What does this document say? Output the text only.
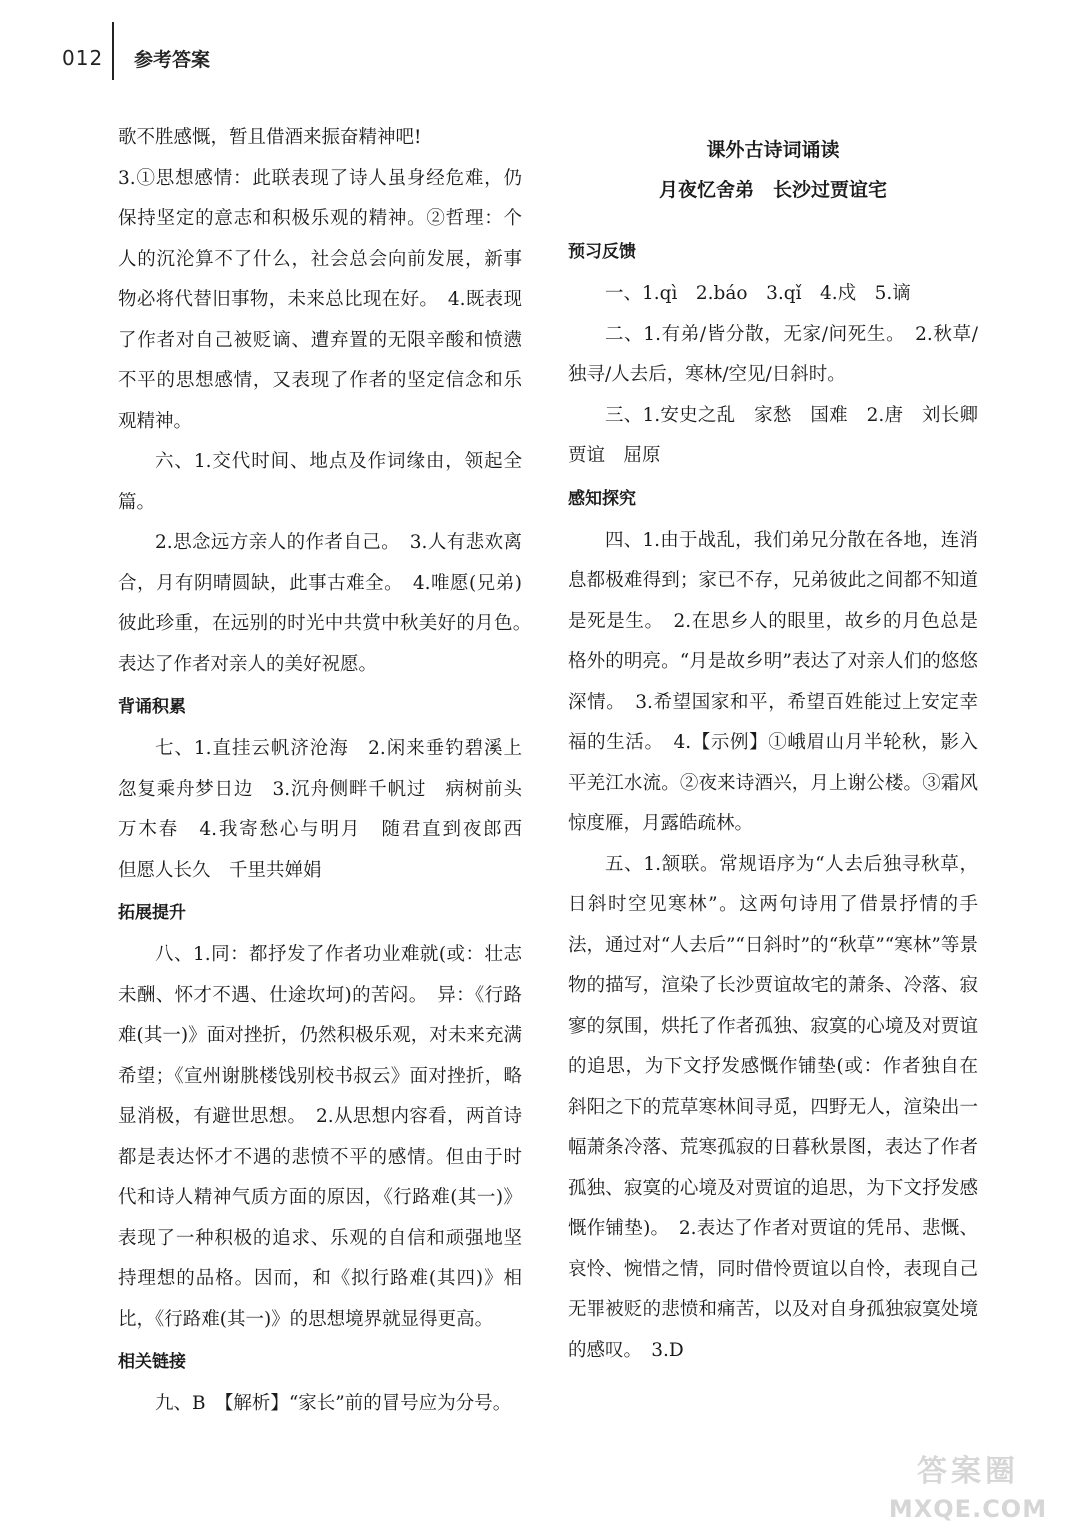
012 参考答案

歌不胜感慨，暂且借酒来振奋精神吧!

3.①思想感情：此联表现了诗人虽身经危难，仍保持坚定的意志和积极乐观的精神。②哲理：个人的沉沦算不了什么，社会总会向前发展，新事物必将代替旧事物，未来总比现在好。　4.既表现了作者对自己被贬谪、遭弃置的无限辛酸和愤懑不平的思想感情，又表现了作者的坚定信念和乐观精神。

六、1.交代时间、地点及作词缘由，领起全篇。

2.思念远方亲人的作者自己。　3.人有悲欢离合，月有阴晴圆缺，此事古难全。　4.唯愿(兄弟)彼此珍重，在远别的时光中共赏中秋美好的月色。　表达了作者对亲人的美好祝愿。

背诵积累

七、1.直挂云帆济沧海　2.闲来垂钓碧溪上　忽复乘舟梦日边　3.沉舟侧畔千帆过　病树前头万木春　4.我寄愁心与明月　随君直到夜郎西　但愿人长久　千里共婵娟

拓展提升

八、1.同：都抒发了作者功业难就(或：壮志未酬、怀才不遇、仕途坎坷)的苦闷。　异：《行路难(其一)》面对挫折，仍然积极乐观，对未来充满希望；《宣州谢朓楼饯别校书叔云》面对挫折，略显消极，有避世思想。　2.从思想内容看，两首诗都是表达怀才不遇的悲愤不平的感情。但由于时代和诗人精神气质方面的原因，《行路难(其一)》表现了一种积极的追求、乐观的自信和顽强地坚持理想的品格。因而，和《拟行路难(其四)》相比，《行路难(其一)》的思想境界就显得更高。

相关链接

九、B　【解析】“家长”前的冒号应为分号。

课外古诗词诵读

月夜忆舍弟　长沙过贾谊宅

预习反馈

一、1.qì　2.báo　3.qǐ　4.戍　5.谪

二、1.有弟/皆分散，无家/问死生。　2.秋草/独寻/人去后，寒林/空见/日斜时。

三、1.安史之乱　家愁　国难　2.唐　刘长卿　贾谊　屈原

感知探究

四、1.由于战乱，我们弟兄分散在各地，连消息都极难得到；家已不存，兄弟彼此之间都不知道是死是生。　2.在思乡人的眼里，故乡的月色总是格外的明亮。“月是故乡明”表达了对亲人们的悠悠深情。　3.希望国家和平，希望百姓能过上安定幸福的生活。　4.【示例】①峨眉山月半轮秋，影入平羌江水流。②夜来诗酒兴，月上谢公楼。③霜风惊度雁，月露皓疏林。

五、1.颔联。常规语序为“人去后独寻秋草，日斜时空见寒林”。这两句诗用了借景抒情的手法，通过对“人去后”“日斜时”的“秋草”“寒林”等景物的描写，渲染了长沙贾谊故宅的萧条、冷落、寂寥的氛围，烘托了作者孤独、寂寞的心境及对贾谊的追思，为下文抒发感慨作铺垫(或：作者独自在斜阳之下的荒草寒林间寻觅，四野无人，渲染出一幅萧条冷落、荒寒孤寂的日暮秋景图，表达了作者孤独、寂寞的心境及对贾谊的追思，为下文抒发感慨作铺垫)。　2.表达了作者对贾谊的凭吊、悲慨、哀怜、惋惜之情，同时借怜贾谊以自怜，表现自己无罪被贬的悲愤和痛苦，以及对自身孤独寂寞处境的感叹。　3.D

答案圈
MXQE.COM
